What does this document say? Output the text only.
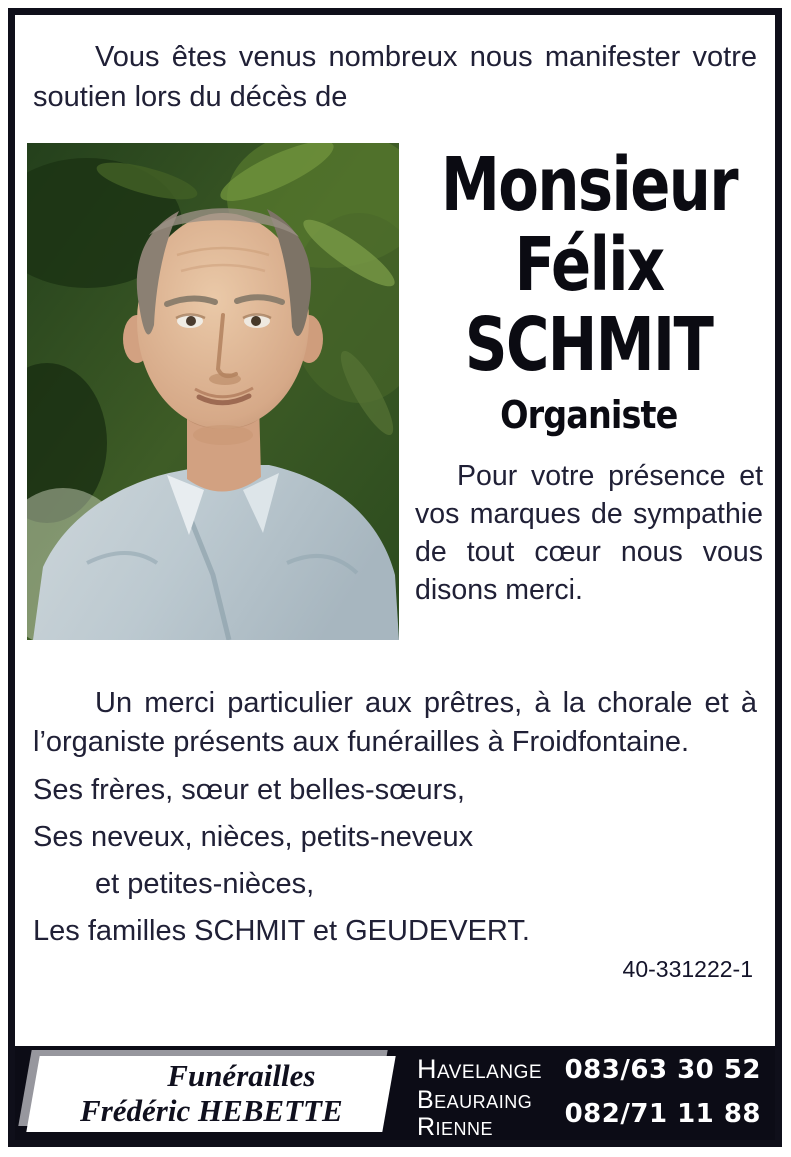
Vous êtes venus nombreux nous manifester votre soutien lors du décès de

Monsieur
Félix
SCHMIT
Organiste

Pour votre présence et vos marques de sympathie de tout cœur nous vous disons merci.

Un merci particulier aux prêtres, à la chorale et à l’organiste présents aux funérailles à Froidfontaine.

Ses frères, sœur et belles-sœurs,

Ses neveux, nièces, petits-neveux

et petites-nièces,

Les familles SCHMIT et GEUDEVERT.

40-331222-1
Funérailles
Frédéric HEBETTE
Havelange 083/63 30 52
Beauraing
Rienne	082/71 11 88
